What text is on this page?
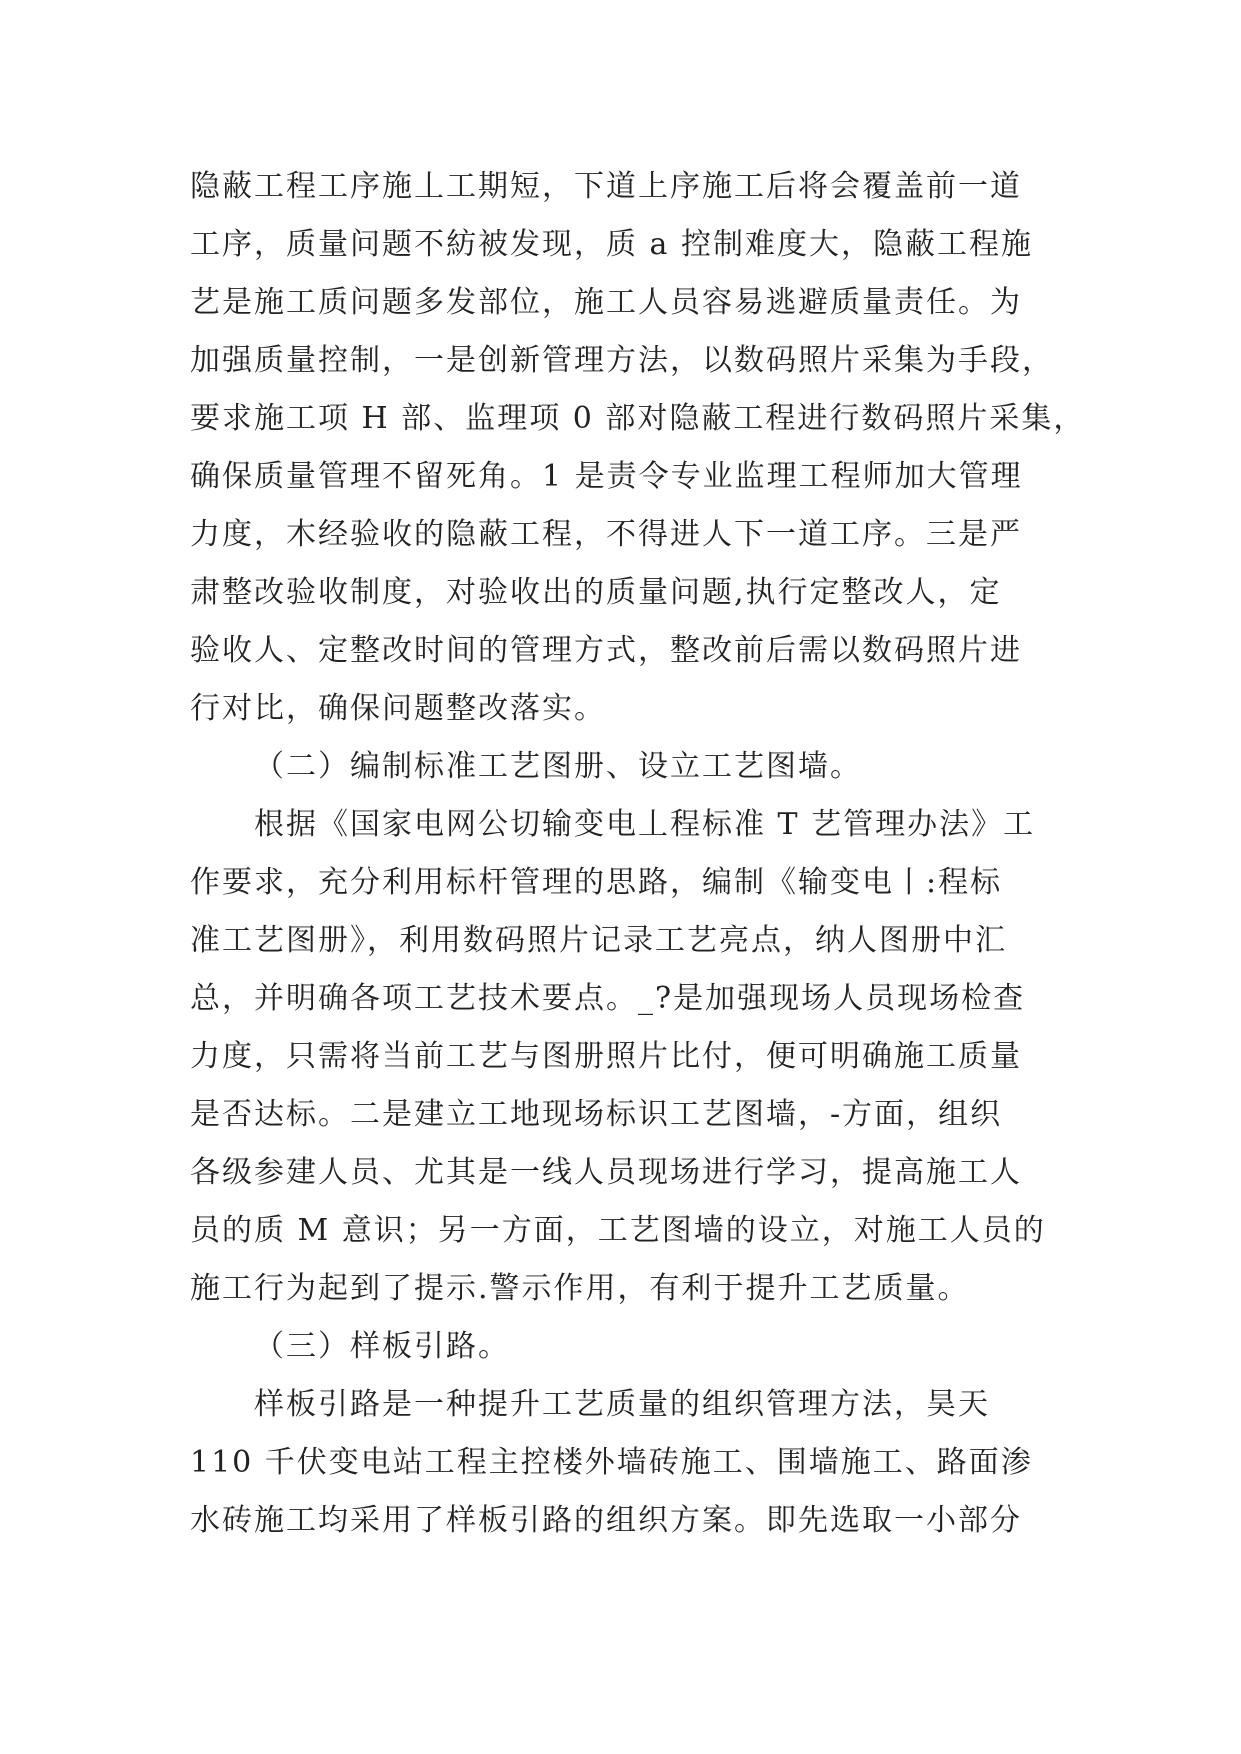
隐蔽工程工序施丄工期短，下道上序施工后将会覆盖前一道
工序，质量问题不紡被发现，质 a 控制难度大，隐蔽工程施
艺是施工质问题多发部位，施工人员容易逃避质量责任。为
加强质量控制，一是创新管理方法，以数码照片采集为手段，
要求施工项 H 部、监理项 0 部对隐蔽工程进行数码照片采集，
确保质量管理不留死角。1 是责令专业监理工程师加大管理
力度，木经验收的隐蔽工程，不得进人下一道工序。三是严
肃整改验收制度，对验收出的质量问题,执行定整改人，定
验收人、定整改时间的管理方式，整改前后需以数码照片进
行对比，确保问题整改落实。
（二）编制标准工艺图册、设立工艺图墙。
根据《国家电网公切输变电丄程标准 T 艺管理办法》工
作要求，充分利用标杆管理的思路，编制《输变电丨:程标
准工艺图册》，利用数码照片记录工艺亮点，纳人图册中汇
总，并明确各项工艺技术要点。_?是加强现场人员现场检查
力度，只需将当前工艺与图册照片比付，便可明确施工质量
是否达标。二是建立工地现场标识工艺图墙，-方面，组织
各级参建人员、尤其是一线人员现场进行学习，提高施工人
员的质 M 意识；另一方面，工艺图墙的设立，对施工人员的
施工行为起到了提示.警示作用，有利于提升工艺质量。
（三）样板引路。
样板引路是一种提升工艺质量的组织管理方法，昊天
110 千伏变电站工程主控楼外墙砖施工、围墙施工、路面渗
水砖施工均采用了样板引路的组织方案。即先选取一小部分
